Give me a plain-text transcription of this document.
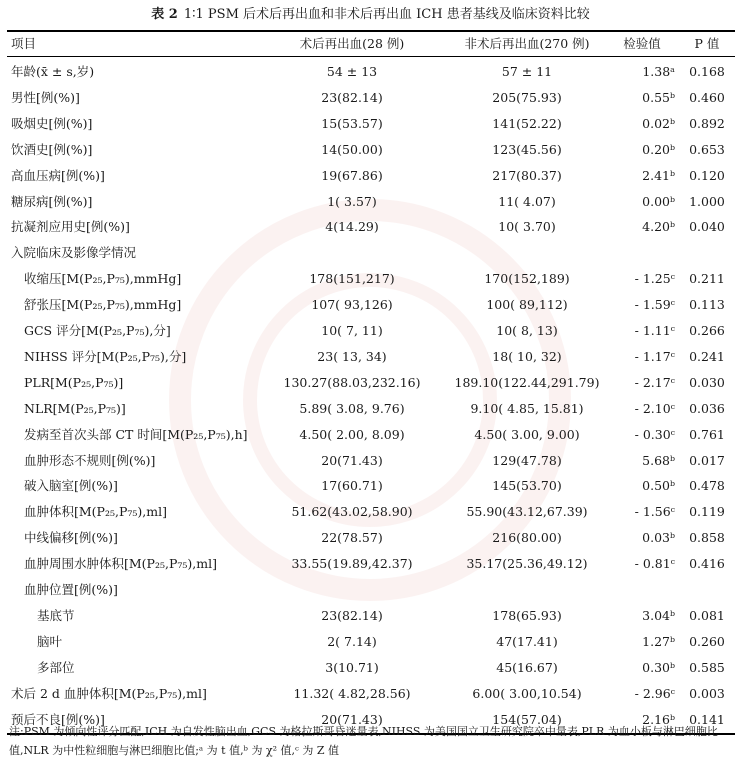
表 2 1∶1 PSM 后术后再出血和非术后再出血 ICH 患者基线及临床资料比较
项目	术后再出血(28 例)	非术后再出血(270 例)	检验值	P 值
年龄(x̄ ± s,岁)	54 ± 13	57 ± 11	1.38ᵃ	0.168
男性[例(%)]	23(82.14)	205(75.93)	0.55ᵇ	0.460
吸烟史[例(%)]	15(53.57)	141(52.22)	0.02ᵇ	0.892
饮酒史[例(%)]	14(50.00)	123(45.56)	0.20ᵇ	0.653
高血压病[例(%)]	19(67.86)	217(80.37)	2.41ᵇ	0.120
糖尿病[例(%)]	1( 3.57)	11( 4.07)	0.00ᵇ	1.000
抗凝剂应用史[例(%)]	4(14.29)	10( 3.70)	4.20ᵇ	0.040
入院临床及影像学情况
收缩压[M(P₂₅,P₇₅),mmHg]	178(151,217)	170(152,189)	- 1.25ᶜ	0.211
舒张压[M(P₂₅,P₇₅),mmHg]	107( 93,126)	100( 89,112)	- 1.59ᶜ	0.113
GCS 评分[M(P₂₅,P₇₅),分]	10( 7, 11)	10( 8, 13)	- 1.11ᶜ	0.266
NIHSS 评分[M(P₂₅,P₇₅),分]	23( 13, 34)	18( 10, 32)	- 1.17ᶜ	0.241
PLR[M(P₂₅,P₇₅)]	130.27(88.03,232.16)	189.10(122.44,291.79)	- 2.17ᶜ	0.030
NLR[M(P₂₅,P₇₅)]	5.89( 3.08, 9.76)	9.10( 4.85, 15.81)	- 2.10ᶜ	0.036
发病至首次头部 CT 时间[M(P₂₅,P₇₅),h]	4.50( 2.00, 8.09)	4.50( 3.00, 9.00)	- 0.30ᶜ	0.761
血肿形态不规则[例(%)]	20(71.43)	129(47.78)	5.68ᵇ	0.017
破入脑室[例(%)]	17(60.71)	145(53.70)	0.50ᵇ	0.478
血肿体积[M(P₂₅,P₇₅),ml]	51.62(43.02,58.90)	55.90(43.12,67.39)	- 1.56ᶜ	0.119
中线偏移[例(%)]	22(78.57)	216(80.00)	0.03ᵇ	0.858
血肿周围水肿体积[M(P₂₅,P₇₅),ml]	33.55(19.89,42.37)	35.17(25.36,49.12)	- 0.81ᶜ	0.416
血肿位置[例(%)]
基底节	23(82.14)	178(65.93)	3.04ᵇ	0.081
脑叶	2( 7.14)	47(17.41)	1.27ᵇ	0.260
多部位	3(10.71)	45(16.67)	0.30ᵇ	0.585
术后 2 d 血肿体积[M(P₂₅,P₇₅),ml]	11.32( 4.82,28.56)	6.00( 3.00,10.54)	- 2.96ᶜ	0.003
预后不良[例(%)]	20(71.43)	154(57.04)	2.16ᵇ	0.141
注:PSM 为倾向性评分匹配,ICH 为自发性脑出血,GCS 为格拉斯哥昏迷量表,NIHSS 为美国国立卫生研究院卒中量表,PLR 为血小板与淋巴细胞比值,NLR 为中性粒细胞与淋巴细胞比值;ᵃ 为 t 值,ᵇ 为 χ² 值,ᶜ 为 Z 值
